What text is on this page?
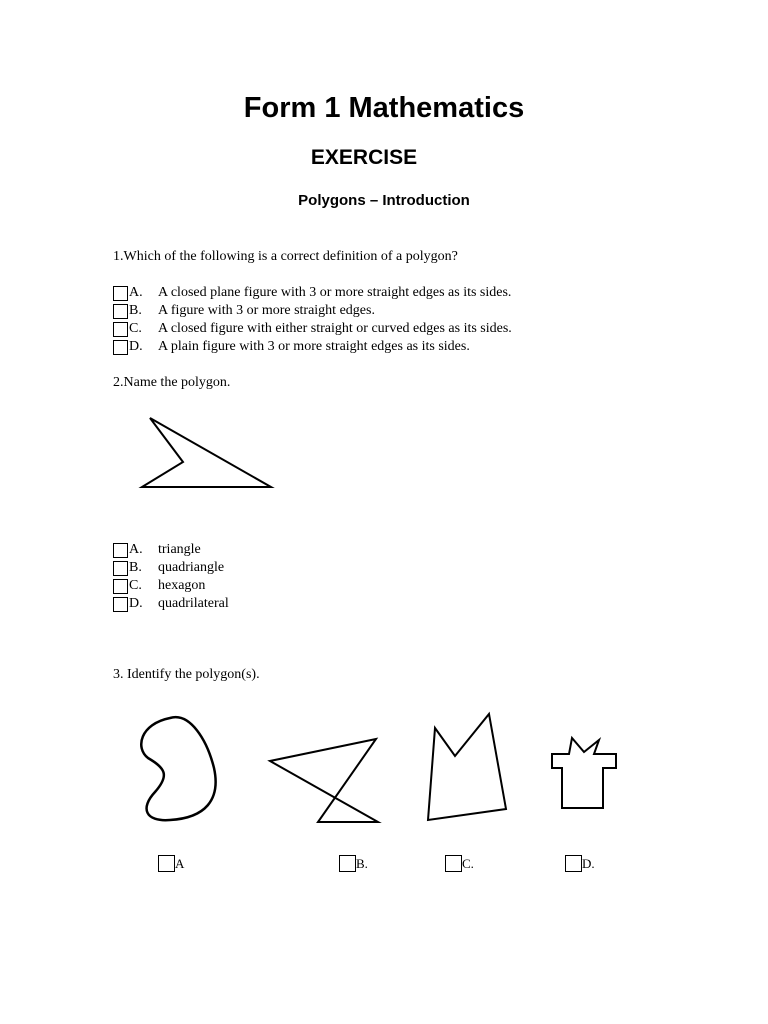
Form 1 Mathematics
EXERCISE
Polygons – Introduction
1.Which of the following is a correct definition of a polygon?
A.	A closed plane figure with 3 or more straight edges as its sides.
B.	A figure with 3 or more straight edges.
C.	A closed figure with either straight or curved edges as its sides.
D.	A plain figure with 3 or more straight edges as its sides.
2.Name the polygon.
A.	triangle
B.	quadriangle
C.	hexagon
D.	quadrilateral
3. Identify the polygon(s).
A	B.	C.	D.
